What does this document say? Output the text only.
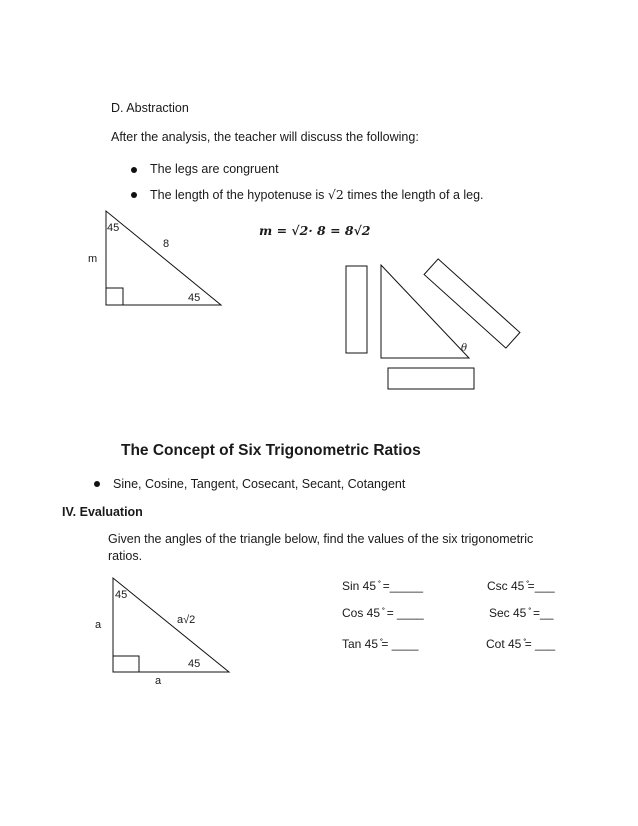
D. Abstraction
After the analysis, the teacher will discuss the following:
The legs are congruent
The length of the hypotenuse is √2 times the length of a leg.
m = √2· 8 = 8√2
45
8
m
45
θ
The Concept of Six Trigonometric Ratios
Sine, Cosine, Tangent, Cosecant, Secant, Cotangent
IV. Evaluation
Given the angles of the triangle below, find the values of the six trigonometric
ratios.
45
a√2
a
45
a
Sin 45 ̊ =_____	Csc 45 ̊=___
Cos 45 ̊ = ____	Sec 45 ̊ =__
Tan 45 ̊= ____	Cot 45 ̊= ___
